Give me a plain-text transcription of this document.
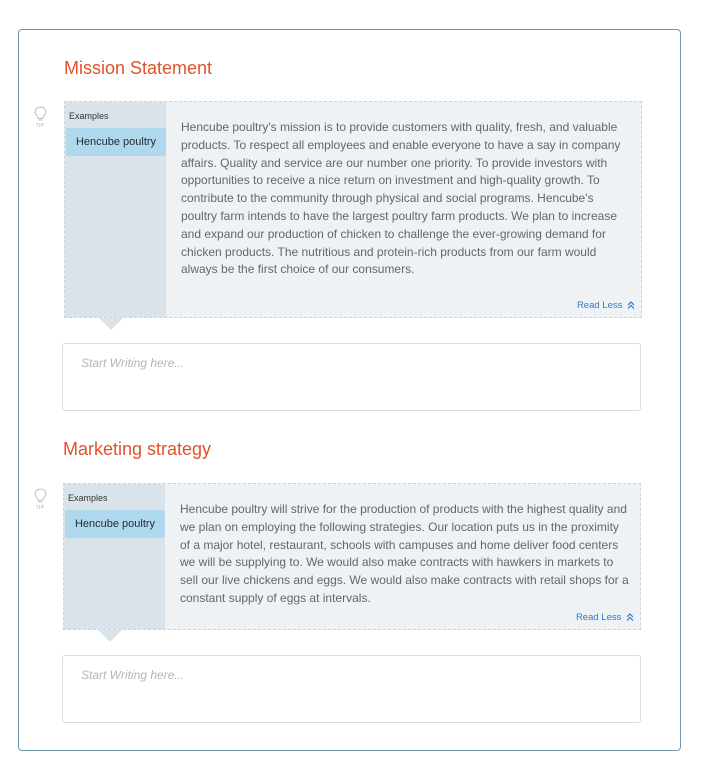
Mission Statement
TIP
Examples
Hencube poultry
Hencube poultry's mission is to provide customers with quality, fresh, and valuable products. To respect all employees and enable everyone to have a say in company affairs. Quality and service are our number one priority. To provide investors with opportunities to receive a nice return on investment and high-quality growth. To contribute to the community through physical and social programs. Hencube's poultry farm intends to have the largest poultry farm products. We plan to increase and expand our production of chicken to challenge the ever-growing demand for chicken products. The nutritious and protein-rich products from our farm would always be the first choice of our consumers.
Read Less
Start Writing here...
Marketing strategy
TIP
Examples
Hencube poultry
Hencube poultry will strive for the production of products with the highest quality and we plan on employing the following strategies. Our location puts us in the proximity of a major hotel, restaurant, schools with campuses and home deliver food centers we will be supplying to. We would also make contracts with hawkers in markets to sell our live chickens and eggs. We would also make contracts with retail shops for a constant supply of eggs at intervals.
Read Less
Start Writing here...
